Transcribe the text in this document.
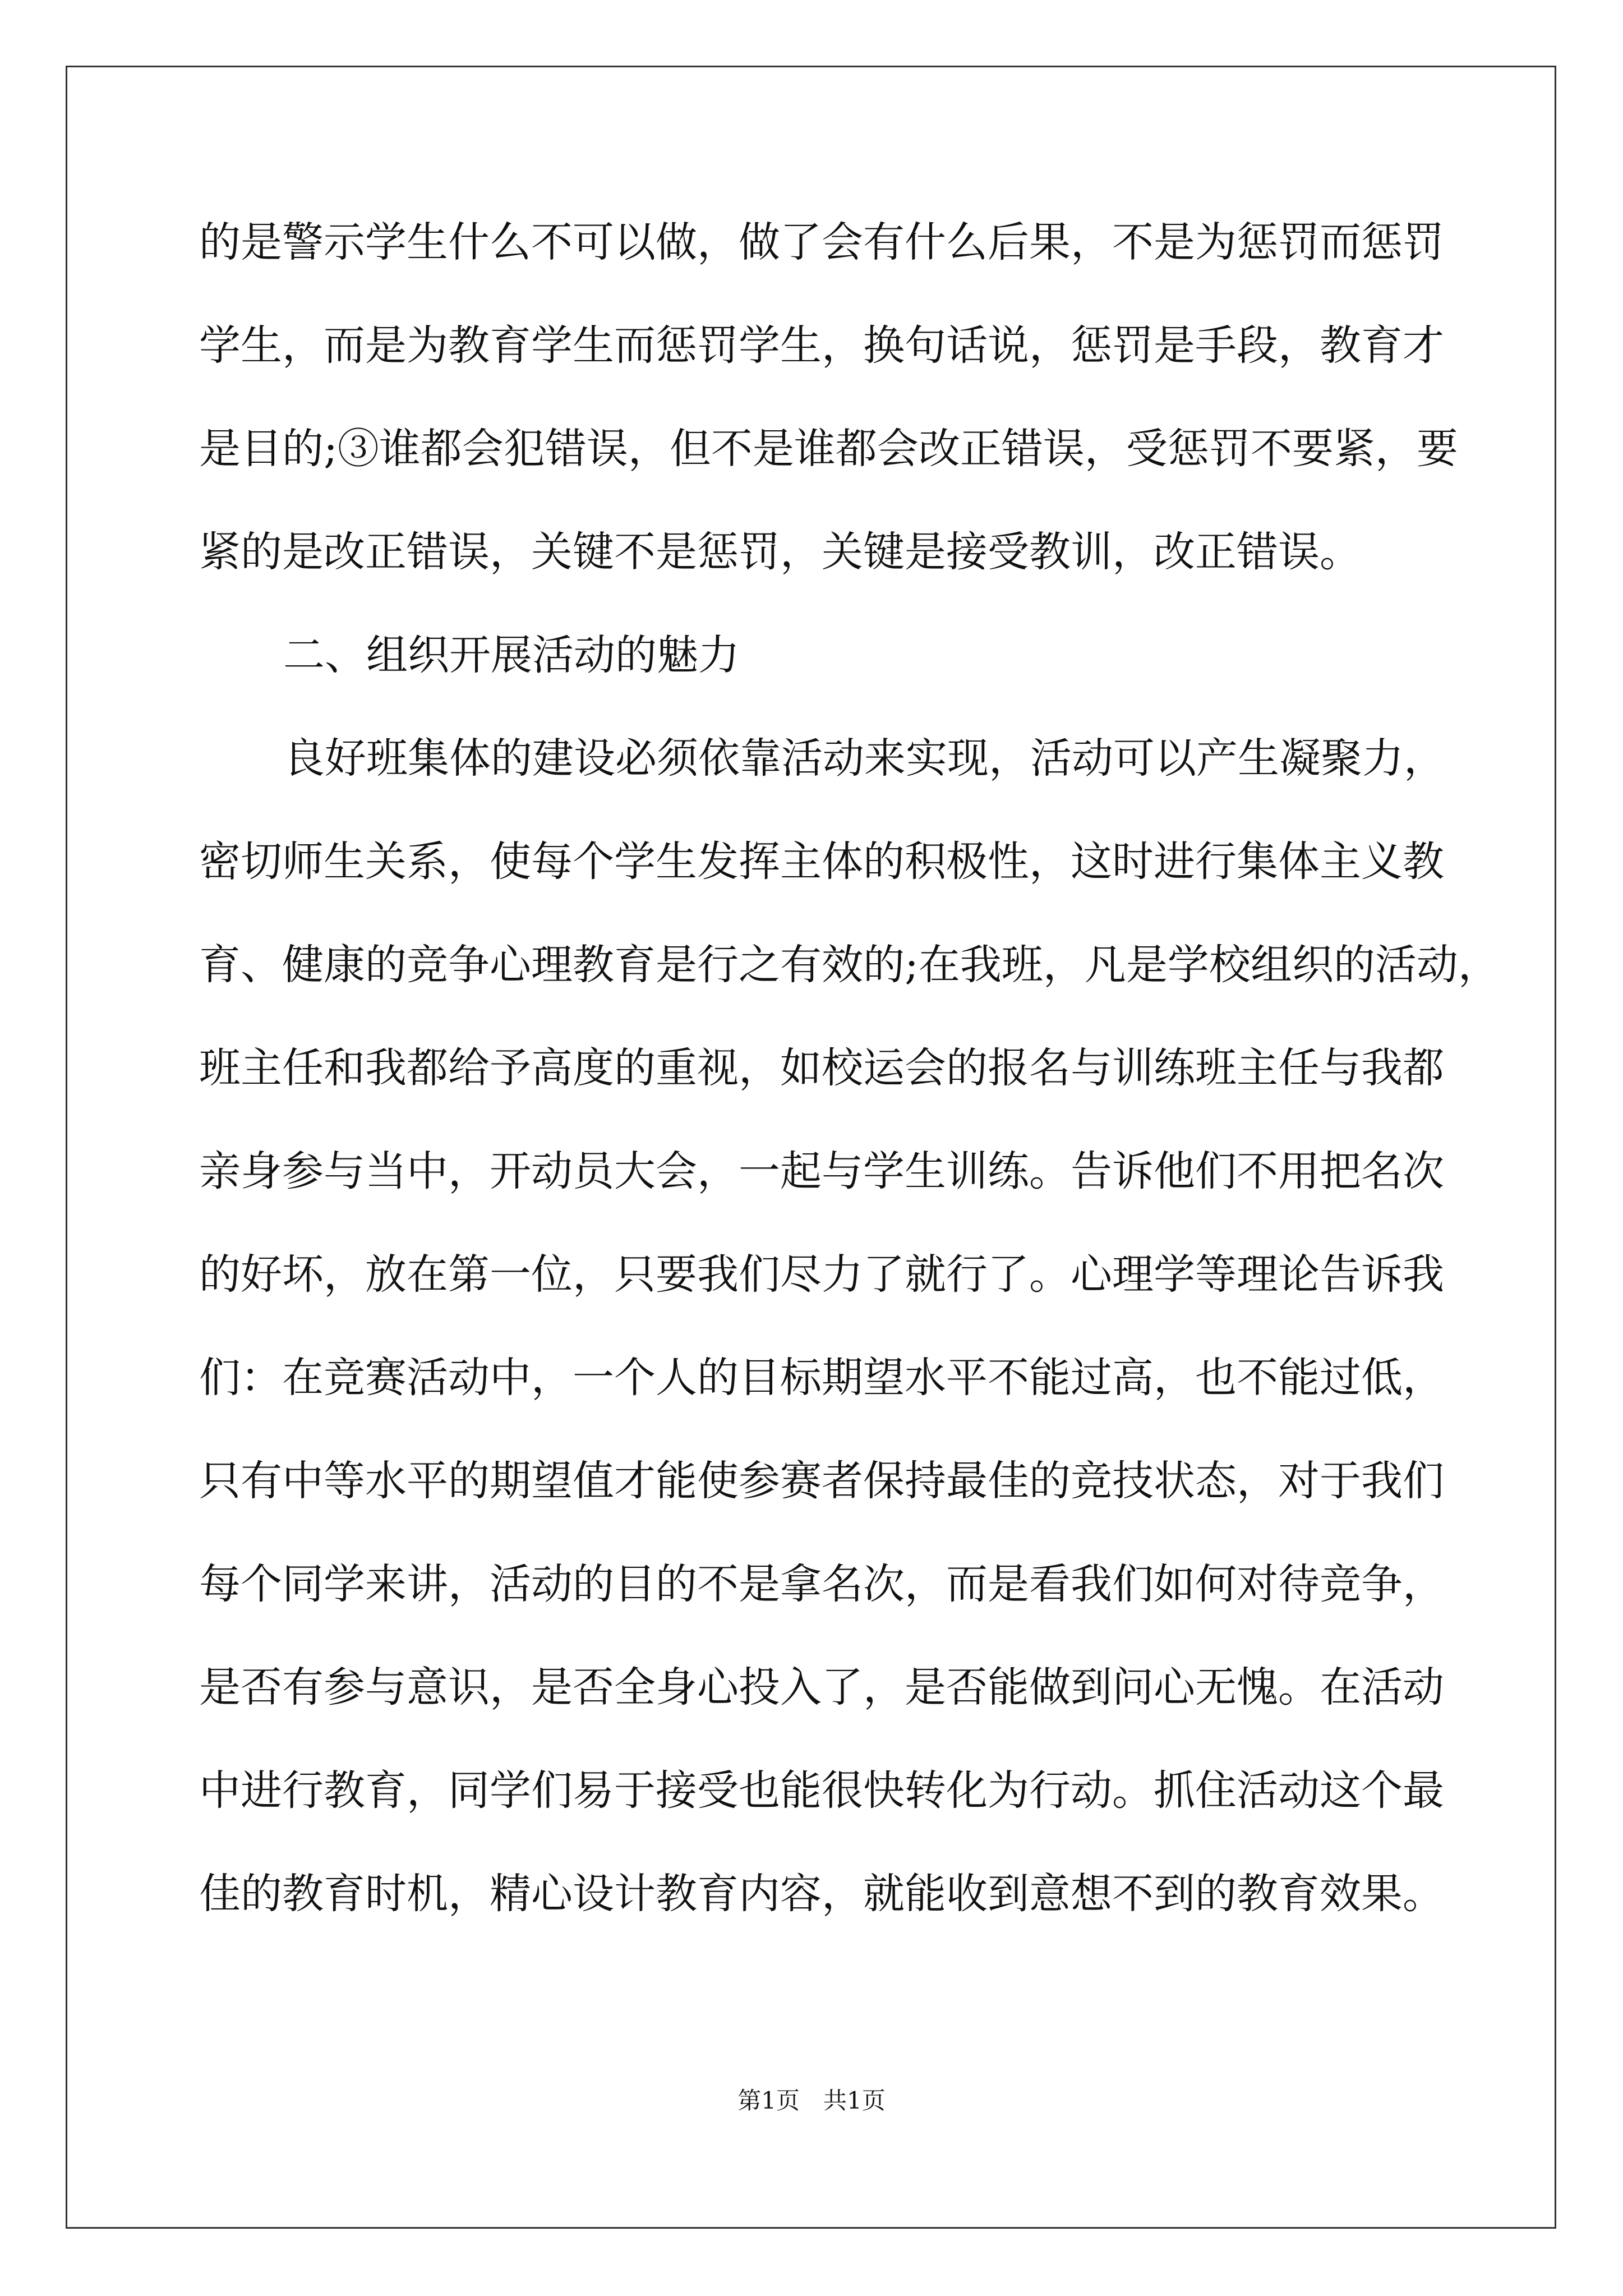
的是警示学生什么不可以做，做了会有什么后果，不是为惩罚而惩罚
学生，而是为教育学生而惩罚学生，换句话说，惩罚是手段，教育才
是目的;③谁都会犯错误，但不是谁都会改正错误，受惩罚不要紧，要
紧的是改正错误，关键不是惩罚，关键是接受教训，改正错误。
二、组织开展活动的魅力
良好班集体的建设必须依靠活动来实现，活动可以产生凝聚力，
密切师生关系，使每个学生发挥主体的积极性，这时进行集体主义教
育、健康的竞争心理教育是行之有效的;在我班，凡是学校组织的活动，
班主任和我都给予高度的重视，如校运会的报名与训练班主任与我都
亲身参与当中，开动员大会，一起与学生训练。告诉他们不用把名次
的好坏，放在第一位，只要我们尽力了就行了。心理学等理论告诉我
们：在竞赛活动中，一个人的目标期望水平不能过高，也不能过低，
只有中等水平的期望值才能使参赛者保持最佳的竞技状态，对于我们
每个同学来讲，活动的目的不是拿名次，而是看我们如何对待竞争，
是否有参与意识，是否全身心投入了，是否能做到问心无愧。在活动
中进行教育，同学们易于接受也能很快转化为行动。抓住活动这个最
佳的教育时机，精心设计教育内容，就能收到意想不到的教育效果。
第1页　共1页
